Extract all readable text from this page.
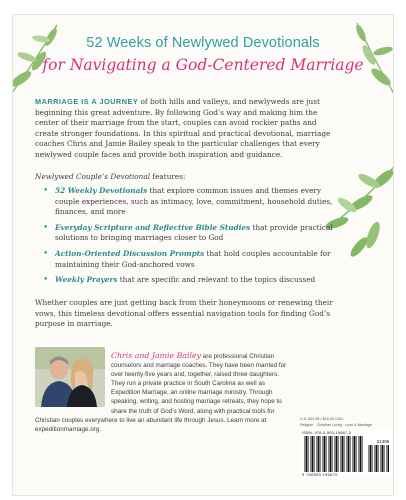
52 Weeks of Newlywed Devotionals
for Navigating a God-Centered Marriage

MARRIAGE IS A JOURNEY of both hills and valleys, and newlyweds are just beginning this great adventure. By following God’s way and making him the center of their marriage from the start, couples can avoid rockier paths and create stronger foundations. In this spiritual and practical devotional, marriage coaches Chris and Jamie Bailey speak to the particular challenges that every newlywed couple faces and provide both inspiration and guidance.

Newlywed Couple’s Devotional features:

• 52 Weekly Devotionals that explore common issues and themes every couple experiences, such as intimacy, love, commitment, household duties, finances, and more
• Everyday Scripture and Reflective Bible Studies that provide practical solutions to bringing marriages closer to God
• Action-Oriented Discussion Prompts that hold couples accountable for maintaining their God-anchored vows
• Weekly Prayers that are specific and relevant to the topics discussed

Whether couples are just getting back from their honeymoons or renewing their vows, this timeless devotional offers essential navigation tools for finding God’s purpose in marriage.

Chris and Jamie Bailey are professional Christian counselors and marriage coaches. They have been married for over twenty-five years and, together, raised three daughters. They run a private practice in South Carolina as well as Expedition Marriage, an online marriage ministry. Through speaking, writing, and hosting marriage retreats, they hope to share the truth of God’s Word, along with practical tools for Christian couples everywhere to live an abundant life through Jesus. Learn more at expeditionmarriage.org.
U.S. $13.99 / $18.00 CAN
Religion · Christian Living · Love & Marriage
ISBN: 978-0-593-19667-0
51399
9 780593 196670
